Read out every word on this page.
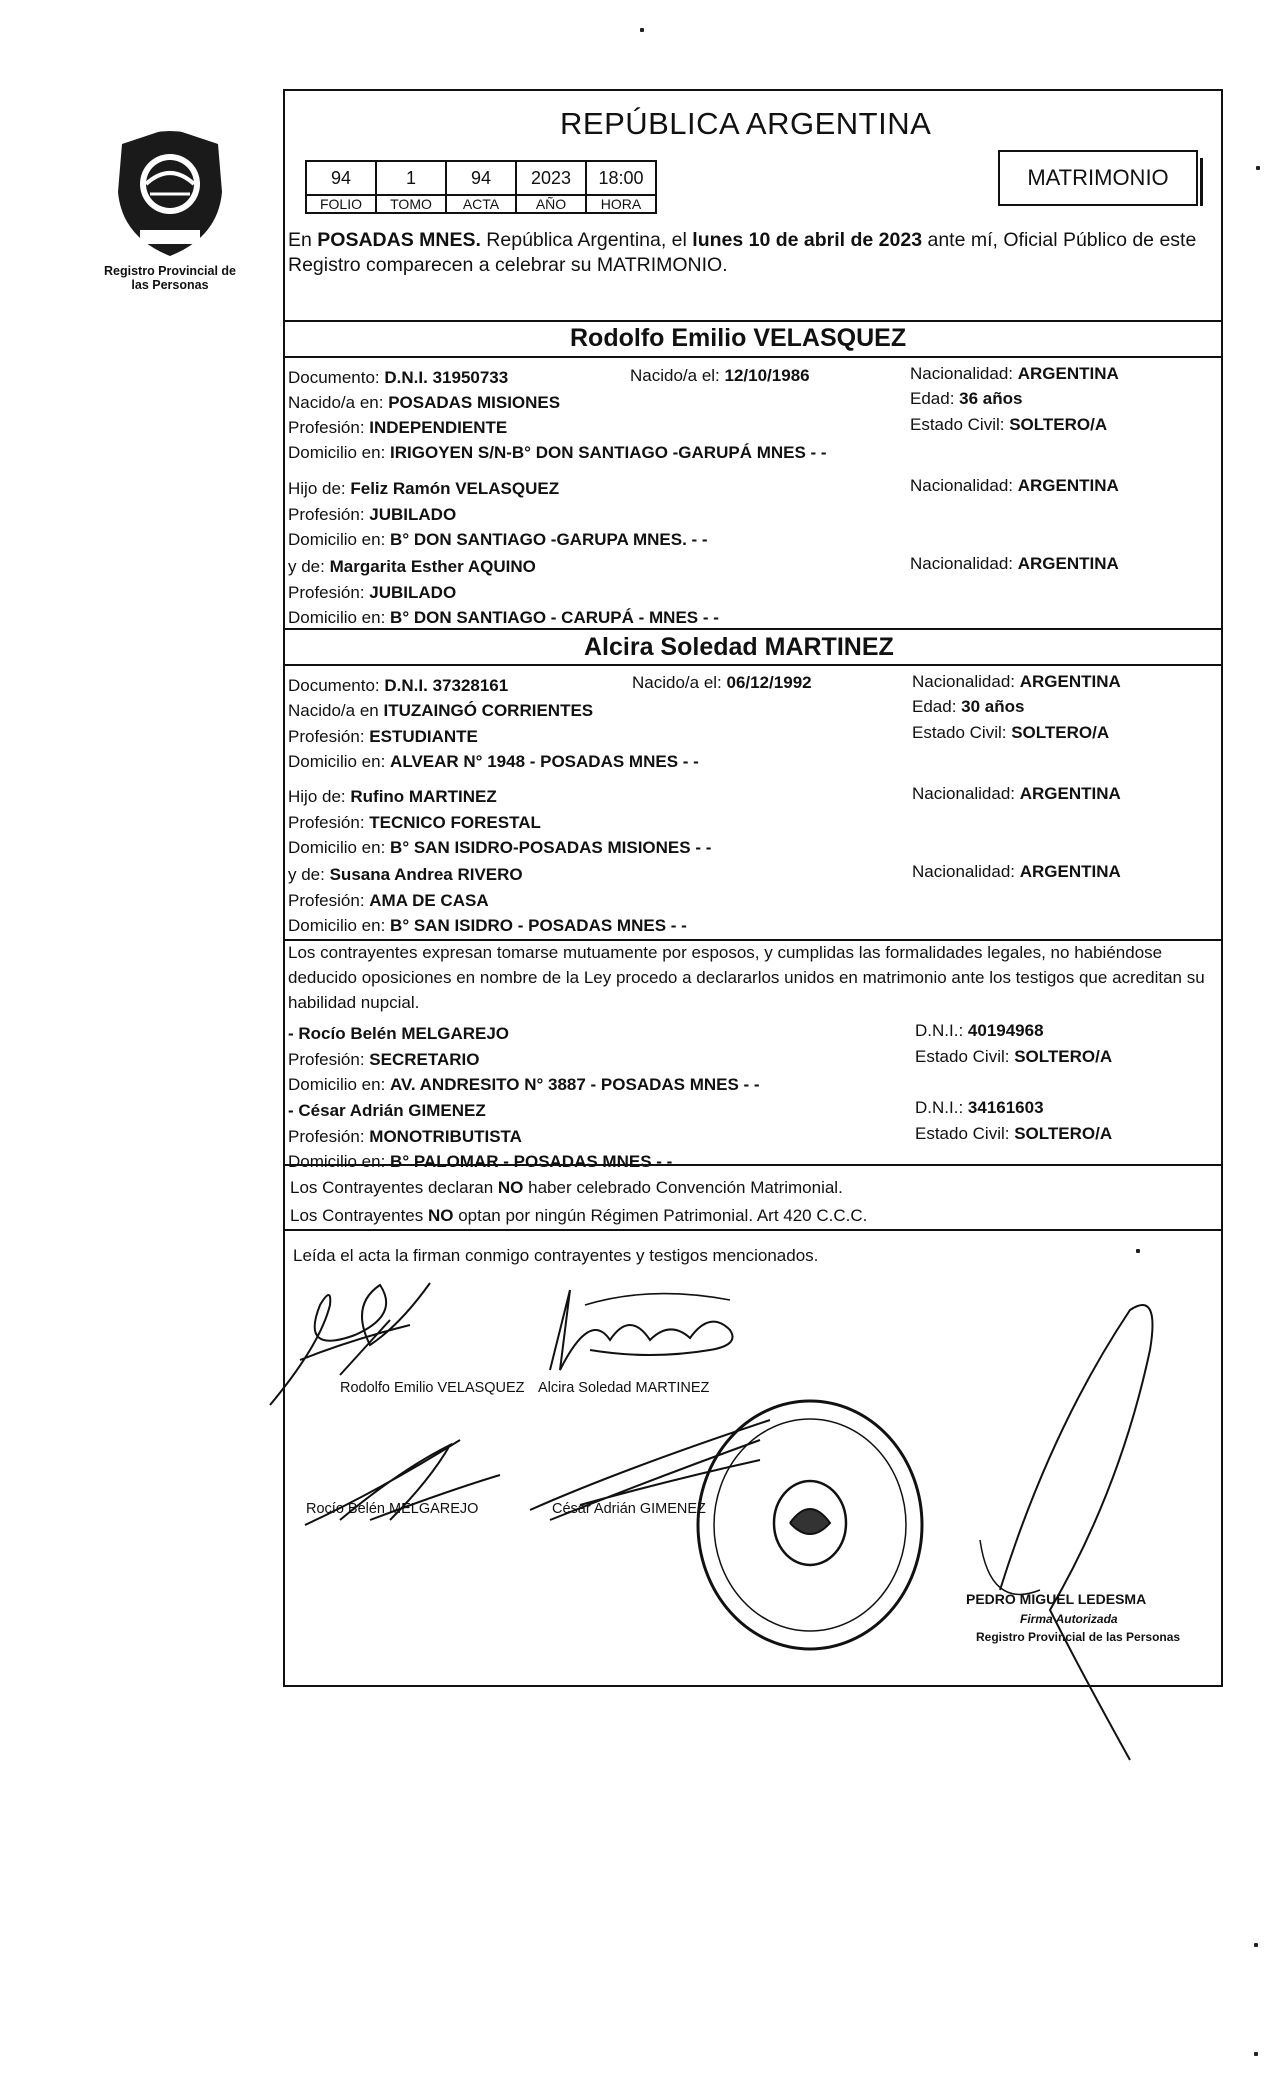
Registro Provincial de las Personas
REPÚBLICA ARGENTINA
94	1	94	2023	18:00
FOLIO	TOMO	ACTA	AÑO	HORA
MATRIMONIO
En POSADAS MNES. República Argentina, el lunes 10 de abril de 2023 ante mí, Oficial Público de este Registro comparecen a celebrar su MATRIMONIO.
Rodolfo Emilio VELASQUEZ
Documento: D.N.I. 31950733	Nacido/a el: 12/10/1986	Nacionalidad: ARGENTINA
Nacido/a en: POSADAS MISIONES	Edad: 36 años
Profesión: INDEPENDIENTE	Estado Civil: SOLTERO/A
Domicilio en: IRIGOYEN S/N-B° DON SANTIAGO -GARUPÁ MNES - -
Hijo de: Feliz Ramón VELASQUEZ	Nacionalidad: ARGENTINA
Profesión: JUBILADO
Domicilio en: B° DON SANTIAGO -GARUPA MNES. - -
y de: Margarita Esther AQUINO	Nacionalidad: ARGENTINA
Profesión: JUBILADO
Domicilio en: B° DON SANTIAGO - CARUPÁ - MNES - -
Alcira Soledad MARTINEZ
Documento: D.N.I. 37328161	Nacido/a el: 06/12/1992	Nacionalidad: ARGENTINA
Nacido/a en ITUZAINGÓ CORRIENTES	Edad: 30 años
Profesión: ESTUDIANTE	Estado Civil: SOLTERO/A
Domicilio en: ALVEAR N° 1948 - POSADAS MNES - -
Hijo de: Rufino MARTINEZ	Nacionalidad: ARGENTINA
Profesión: TECNICO FORESTAL
Domicilio en: B° SAN ISIDRO-POSADAS MISIONES - -
y de: Susana Andrea RIVERO	Nacionalidad: ARGENTINA
Profesión: AMA DE CASA
Domicilio en: B° SAN ISIDRO - POSADAS MNES - -
Los contrayentes expresan tomarse mutuamente por esposos, y cumplidas las formalidades legales, no habiéndose deducido oposiciones en nombre de la Ley procedo a declararlos unidos en matrimonio ante los testigos que acreditan su habilidad nupcial.
- Rocío Belén MELGAREJO	D.N.I.: 40194968
Profesión: SECRETARIO	Estado Civil: SOLTERO/A
Domicilio en: AV. ANDRESITO N° 3887 - POSADAS MNES - -
- César Adrián GIMENEZ	D.N.I.: 34161603
Profesión: MONOTRIBUTISTA	Estado Civil: SOLTERO/A
Domicilio en: B° PALOMAR - POSADAS MNES - -
Los Contrayentes declaran NO haber celebrado Convención Matrimonial.
Los Contrayentes NO optan por ningún Régimen Patrimonial. Art 420 C.C.C.
Leída el acta la firman conmigo contrayentes y testigos mencionados.
Rodolfo Emilio VELASQUEZ Alcira Soledad MARTINEZ
Rocío Belén MELGAREJO	César Adrián GIMENEZ
PEDRO MIGUEL LEDESMA
Firma Autorizada
Registro Provincial de las Personas
